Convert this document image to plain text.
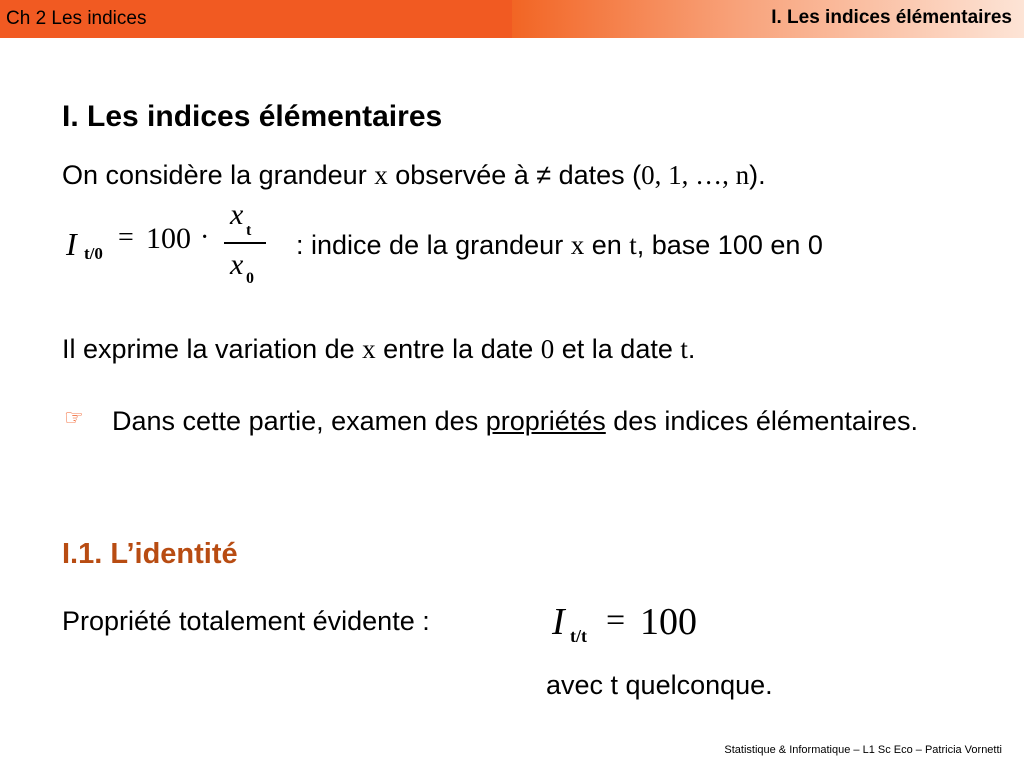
Ch 2 Les indices	I. Les indices élémentaires
I. Les indices élémentaires
On considère la grandeur x observée à ≠ dates (0, 1, …, n).
I t/0
= 100 ·
x t
x 0
: indice de la grandeur x en t, base 100 en 0
Il exprime la variation de x entre la date 0 et la date t.
☞ Dans cette partie, examen des propriétés des indices élémentaires.
I.1. L’identité
Propriété totalement évidente :	I t/t = 100
avec t quelconque.
Statistique & Informatique – L1 Sc Eco – Patricia Vornetti
